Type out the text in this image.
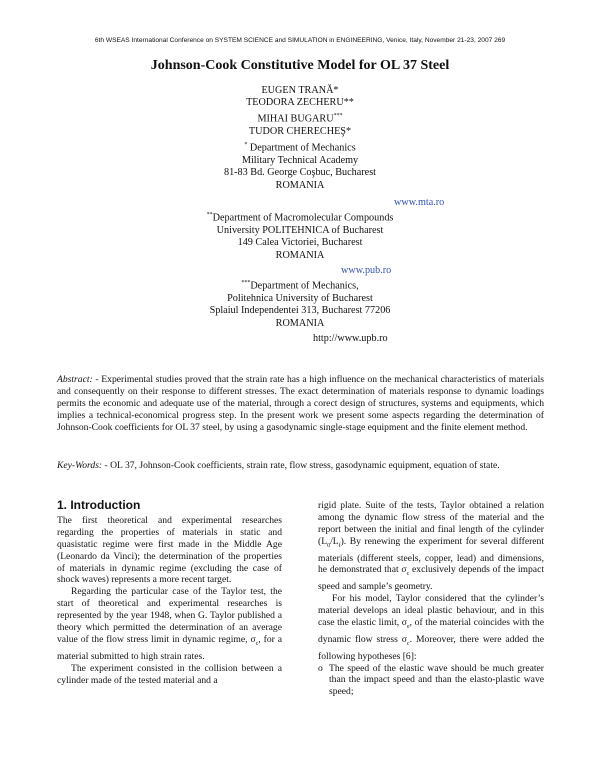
6th WSEAS International Conference on SYSTEM SCIENCE and SIMULATION in ENGINEERING, Venice, Italy, November 21-23, 2007 269
Johnson-Cook Constitutive Model for OL 37 Steel
EUGEN TRANĂ*
TEODORA ZECHERU**
MIHAI BUGARU***
TUDOR CHERECHEŞ*
* Department of Mechanics
Military Technical Academy
81-83 Bd. George Coşbuc, Bucharest
ROMANIA
www.mta.ro
**Department of Macromolecular Compounds
University POLITEHNICA of Bucharest
149 Calea Victoriei, Bucharest
ROMANIA
www.pub.ro
***Department of Mechanics,
Politehnica University of Bucharest
Splaiul Independentei 313, Bucharest 77206
ROMANIA
http://www.upb.ro
Abstract: - Experimental studies proved that the strain rate has a high influence on the mechanical characteristics of materials and consequently on their response to different stresses. The exact determination of materials response to dynamic loadings permits the economic and adequate use of the material, through a corect design of structures, systems and equipments, which implies a technical-economical progress step. In the present work we present some aspects regarding the determination of Johnson-Cook coefficients for OL 37 steel, by using a gasodynamic single-stage equipment and the finite element method.
Key-Words: - OL 37, Johnson-Cook coefficients, strain rate, flow stress, gasodynamic equipment, equation of state.
1. Introduction

The first theoretical and experimental researches regarding the properties of materials in static and quasistatic regime were first made in the Middle Age (Leonardo da Vinci); the determination of the properties of materials in dynamic regime (excluding the case of shock waves) represents a more recent target.

Regarding the particular case of the Taylor test, the start of theoretical and experimental researches is represented by the year 1948, when G. Taylor published a theory which permitted the determination of an average value of the flow stress limit in dynamic regime, $\sigma_c$, for a material submitted to high strain rates.

The experiment consisted in the collision between a cylinder made of the tested material and a

rigid plate. Suite of the tests, Taylor obtained a relation among the dynamic flow stress of the material and the report between the initial and final length of the cylinder $(L_0/L_f)$. By renewing the experiment for several different materials (different steels, copper, lead) and dimensions, he demonstrated that $\sigma_c$ exclusively depends of the impact speed and sample’s geometry.

For his model, Taylor considered that the cylinder’s material develops an ideal plastic behaviour, and in this case the elastic limit, $\sigma_e$, of the material coincides with the dynamic flow stress $\sigma_c$. Moreover, there were added the following hypotheses [6]:

o The speed of the elastic wave should be much greater than the impact speed and than the elasto-plastic wave speed;
